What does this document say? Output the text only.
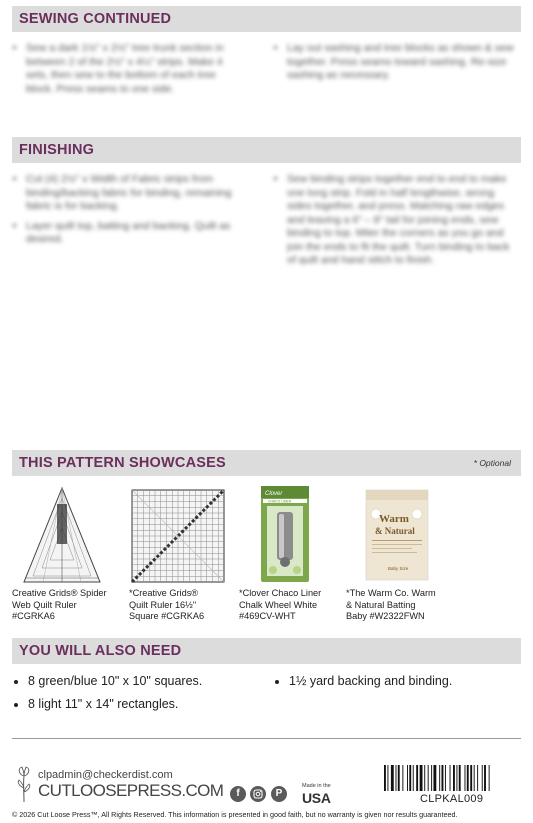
SEWING CONTINUED
• Sew a dark 1½" x 2½" tree trunk section in between 2 of the 2½" x 4¼" strips. Make 4 sets, then sew to the bottom of each tree block. Press seams to one side.
• Lay out sashing and tree blocks as shown & sew together. Press seams toward sashing. Re-size sashing as necessary.
FINISHING
• Cut (4) 2½" x Width of Fabric strips from binding/backing fabric for binding, remaining fabric is for backing.
• Layer quilt top, batting and backing. Quilt as desired.
• Sew binding strips together end to end to make one long strip. Fold in half lengthwise, wrong sides together, and press. Matching raw edges and leaving a 6" – 8" tail for joining ends, sew binding to top. Miter the corners as you go and join the ends to fit the quilt. Turn binding to back of quilt and hand stitch to finish.
THIS PATTERN SHOWCASES	* Optional
Creative Grids® Spider
Web Quilt Ruler
#CGRKA6
*Creative Grids®
Quilt Ruler 16½"
Square #CGRKA6
Clover
CHACO LINER
*Clover Chaco Liner
Chalk Wheel White
#469CV-WHT
Warm
& Natural
Baby Size
*The Warm Co. Warm
& Natural Batting
Baby #W2322FWN
YOU WILL ALSO NEED
• 8 green/blue 10" x 10" squares.
• 8 light 11" x 14" rectangles.
• 1½ yard backing and binding.
clpadmin@checkerdist.com
CUTLOOSEPRESS.COM	f	P
Made in the
USA	CLPKAL009
© 2026 Cut Loose Press™, All Rights Reserved. This information is presented in good faith, but no warranty is given nor results guaranteed.
